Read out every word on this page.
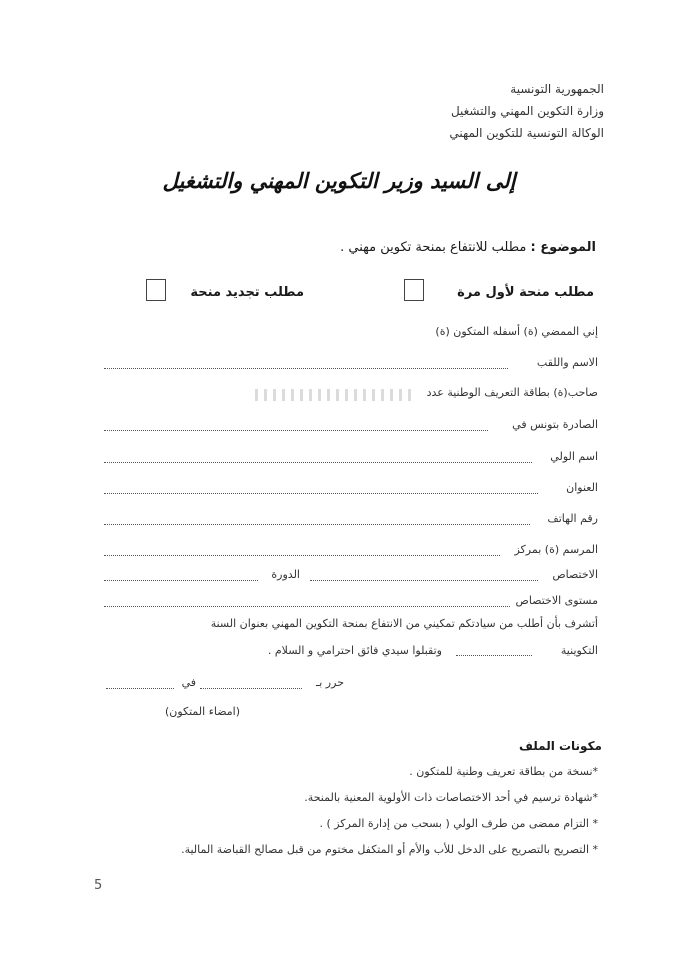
الجمهورية التونسية
وزارة التكوين المهني والتشغيل
الوكالة التونسية للتكوين المهني
إلى السيد وزير التكوين المهني والتشغيل
الموضوع : مطلب للانتفاع بمنحة تكوين مهني .
مطلب منحة لأول مرة
مطلب تجديد منحة
إني الممضي (ة) أسفله المتكون (ة)
الاسم واللقب
صاحب(ة) بطاقة التعريف الوطنية عدد
الصادرة بتونس في
اسم الولي
العنوان
رقم الهاتف
المرسم (ة) بمركز
الاختصاص
الدورة
مستوى الاختصاص
أتشرف بأن أطلب من سيادتكم تمكيني من الانتفاع بمنحة التكوين المهني بعنوان السنة
التكوينية
وتقبلوا سيدي فائق احترامي و السلام .
حرر بـ
في
(امضاء المتكون)
مكونات الملف
*نسخة من بطاقة تعريف وطنية للمتكون .
*شهادة ترسيم في أحد الاختصاصات ذات الأولوية المعنية بالمنحة.
* التزام ممضى من طرف الولي ( بسحب من إدارة المركز ) .
* التصريح بالتصريح على الدخل للأب والأم أو المتكفل مختوم من قبل مصالح القباضة المالية.
5
